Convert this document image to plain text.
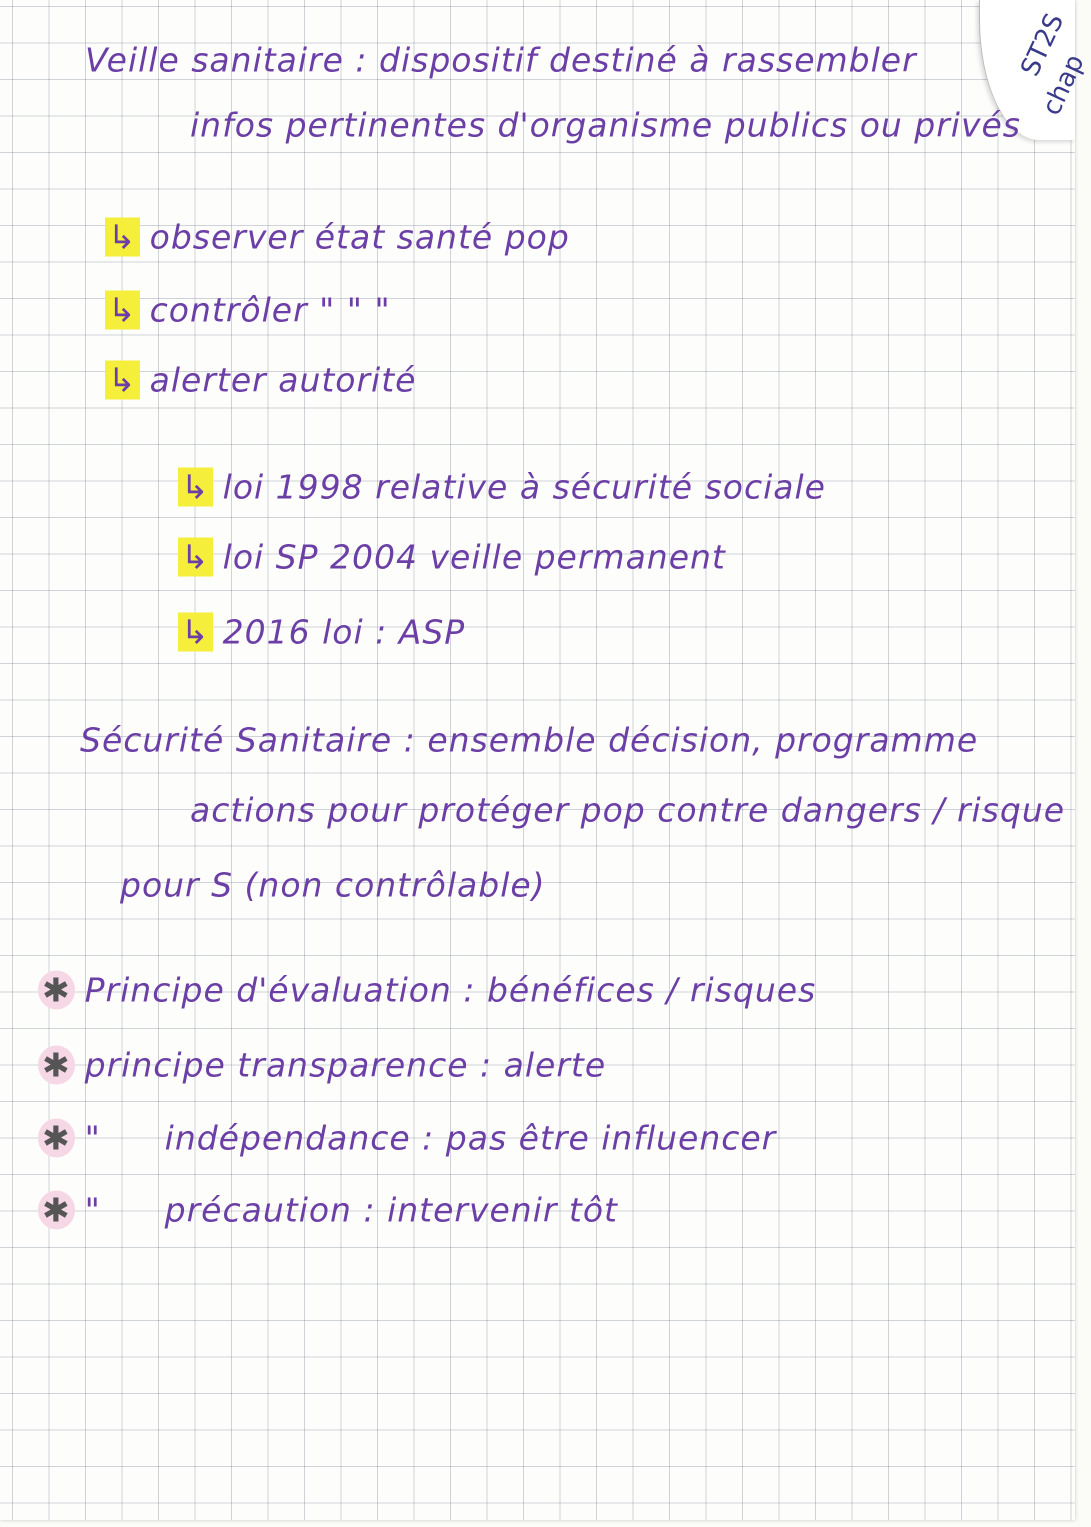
ST2S
chap
Veille sanitaire : dispositif destiné à rassembler
infos pertinentes d'organisme publics ou privés
↳ observer état santé pop
↳ contrôler " " "
↳ alerter autorité
↳ loi 1998 relative à sécurité sociale
↳ loi SP 2004 veille permanent
↳ 2016 loi : ASP
Sécurité Sanitaire : ensemble décision, programme
actions pour protéger pop contre dangers / risque
pour S (non contrôlable)
✱ Principe d'évaluation : bénéfices / risques
✱ principe transparence : alerte
✱ " indépendance : pas être influencer
✱ " précaution : intervenir tôt
